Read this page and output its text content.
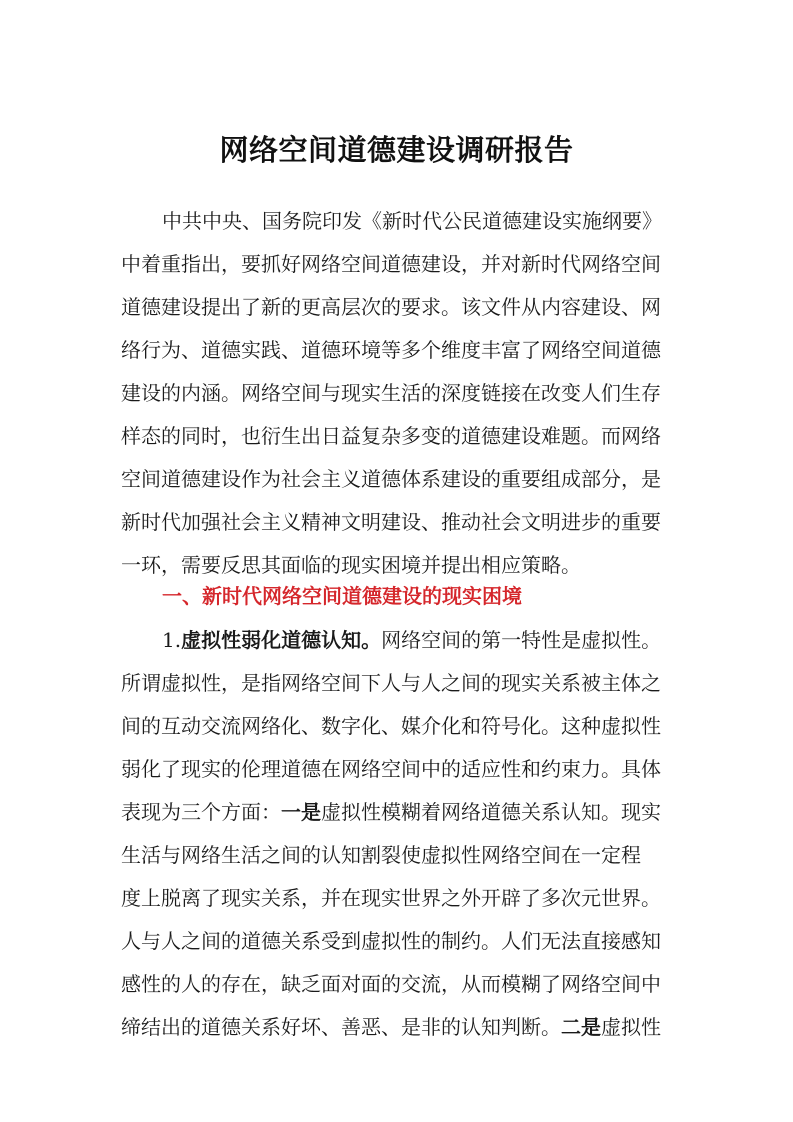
网络空间道德建设调研报告
中共中央、国务院印发《新时代公民道德建设实施纲要》
中着重指出，要抓好网络空间道德建设，并对新时代网络空间
道德建设提出了新的更高层次的要求。该文件从内容建设、网
络行为、道德实践、道德环境等多个维度丰富了网络空间道德
建设的内涵。网络空间与现实生活的深度链接在改变人们生存
样态的同时，也衍生出日益复杂多变的道德建设难题。而网络
空间道德建设作为社会主义道德体系建设的重要组成部分，是
新时代加强社会主义精神文明建设、推动社会文明进步的重要
一环，需要反思其面临的现实困境并提出相应策略。
一、新时代网络空间道德建设的现实困境
1.虚拟性弱化道德认知。网络空间的第一特性是虚拟性。
所谓虚拟性，是指网络空间下人与人之间的现实关系被主体之
间的互动交流网络化、数字化、媒介化和符号化。这种虚拟性
弱化了现实的伦理道德在网络空间中的适应性和约束力。具体
表现为三个方面：一是虚拟性模糊着网络道德关系认知。现实
生活与网络生活之间的认知割裂使虚拟性网络空间在一定程
度上脱离了现实关系，并在现实世界之外开辟了多次元世界。
人与人之间的道德关系受到虚拟性的制约。人们无法直接感知
感性的人的存在，缺乏面对面的交流，从而模糊了网络空间中
缔结出的道德关系好坏、善恶、是非的认知判断。二是虚拟性
